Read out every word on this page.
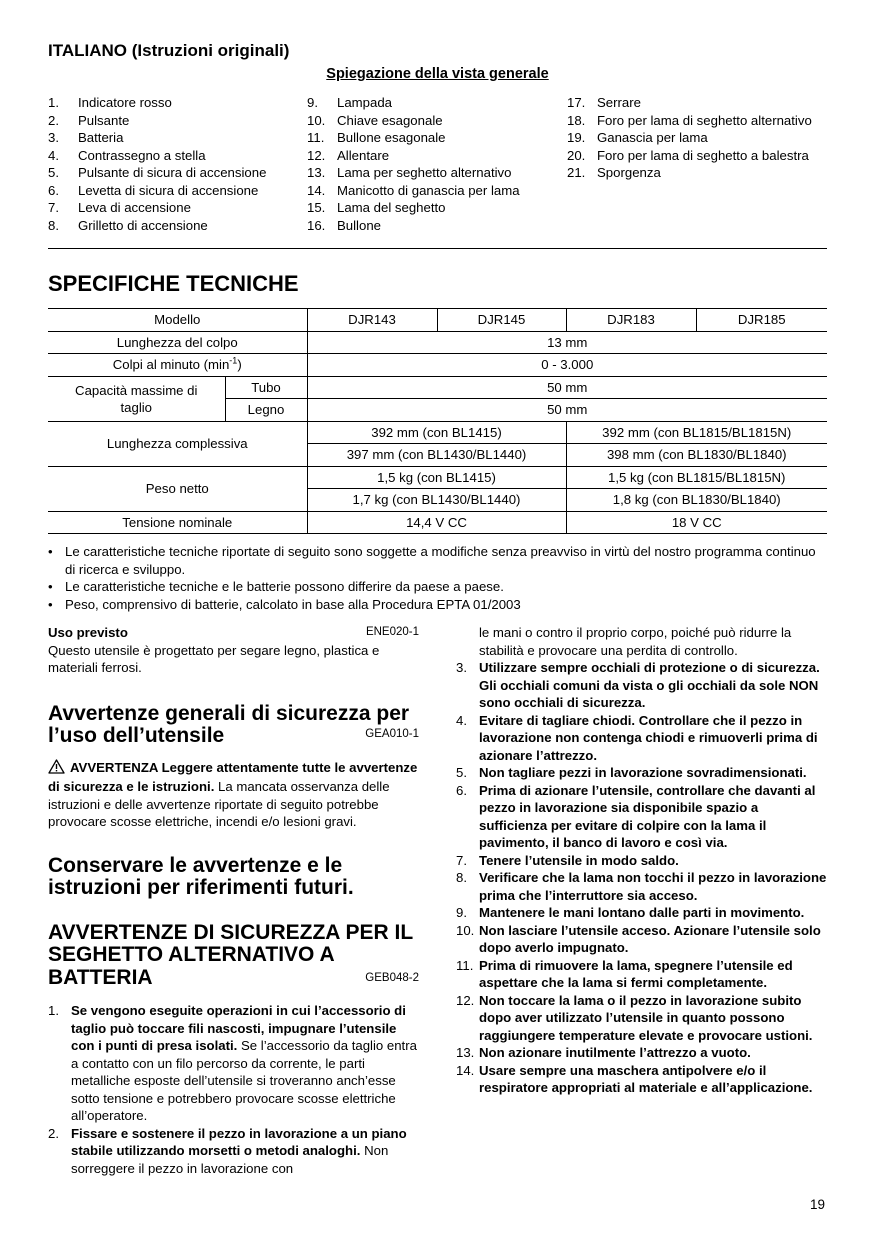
ITALIANO (Istruzioni originali)
Spiegazione della vista generale
1. Indicatore rosso
2. Pulsante
3. Batteria
4. Contrassegno a stella
5. Pulsante di sicura di accensione
6. Levetta di sicura di accensione
7. Leva di accensione
8. Grilletto di accensione
9. Lampada
10. Chiave esagonale
11. Bullone esagonale
12. Allentare
13. Lama per seghetto alternativo
14. Manicotto di ganascia per lama
15. Lama del seghetto
16. Bullone
17. Serrare
18. Foro per lama di seghetto alternativo
19. Ganascia per lama
20. Foro per lama di seghetto a balestra
21. Sporgenza
SPECIFICHE TECNICHE
Modello		DJR143	DJR145	DJR183	DJR185
Lunghezza del colpo		13 mm			
Colpi al minuto $(\min^{-1})$		0 - 3.000			
Capacità massime di taglio	Tubo	50 mm			
	Legno	50 mm			
Lunghezza complessiva		392 mm (con BL1415)		392 mm (con BL1815/BL1815N)	
		397 mm (con BL1430/BL1440)		398 mm (con BL1830/BL1840)	
Peso netto		1,5 kg (con BL1415)		1,5 kg (con BL1815/BL1815N)	
		1,7 kg (con BL1430/BL1440)		1,8 kg (con BL1830/BL1840)	
Tensione nominale		14,4 V CC		18 V CC	
• Le caratteristiche tecniche riportate di seguito sono soggette a modifiche senza preavviso in virtù del nostro programma continuo di ricerca e sviluppo.
• Le caratteristiche tecniche e le batterie possono differire da paese a paese.
• Peso, comprensivo di batterie, calcolato in base alla Procedura EPTA 01/2003
Uso previsto	ENE020-1
Questo utensile è progettato per segare legno, plastica e materiali ferrosi.
Avvertenze generali di sicurezza per l’uso dell’utensile	GEA010-1
AVVERTENZA Leggere attentamente tutte le avvertenze di sicurezza e le istruzioni. La mancata osservanza delle istruzioni e delle avvertenze riportate di seguito potrebbe provocare scosse elettriche, incendi e/o lesioni gravi.
Conservare le avvertenze e le istruzioni per riferimenti futuri.
AVVERTENZE DI SICUREZZA PER IL SEGHETTO ALTERNATIVO A BATTERIA	GEB048-2
1. Se vengono eseguite operazioni in cui l’accessorio di taglio può toccare fili nascosti, impugnare l’utensile con i punti di presa isolati. Se l’accessorio da taglio entra a contatto con un filo percorso da corrente, le parti metalliche esposte dell’utensile si troveranno anch’esse sotto tensione e potrebbero provocare scosse elettriche all’operatore.
2. Fissare e sostenere il pezzo in lavorazione a un piano stabile utilizzando morsetti o metodi analoghi. Non sorreggere il pezzo in lavorazione con
le mani o contro il proprio corpo, poiché può ridurre la stabilità e provocare una perdita di controllo.
3. Utilizzare sempre occhiali di protezione o di sicurezza. Gli occhiali comuni da vista o gli occhiali da sole NON sono occhiali di sicurezza.
4. Evitare di tagliare chiodi. Controllare che il pezzo in lavorazione non contenga chiodi e rimuoverli prima di azionare l’attrezzo.
5. Non tagliare pezzi in lavorazione sovradimensionati.
6. Prima di azionare l’utensile, controllare che davanti al pezzo in lavorazione sia disponibile spazio a sufficienza per evitare di colpire con la lama il pavimento, il banco di lavoro e così via.
7. Tenere l’utensile in modo saldo.
8. Verificare che la lama non tocchi il pezzo in lavorazione prima che l’interruttore sia acceso.
9. Mantenere le mani lontano dalle parti in movimento.
10. Non lasciare l’utensile acceso. Azionare l’utensile solo dopo averlo impugnato.
11. Prima di rimuovere la lama, spegnere l’utensile ed aspettare che la lama si fermi completamente.
12. Non toccare la lama o il pezzo in lavorazione subito dopo aver utilizzato l’utensile in quanto possono raggiungere temperature elevate e provocare ustioni.
13. Non azionare inutilmente l’attrezzo a vuoto.
14. Usare sempre una maschera antipolvere e/o il respiratore appropriati al materiale e all’applicazione.
19
